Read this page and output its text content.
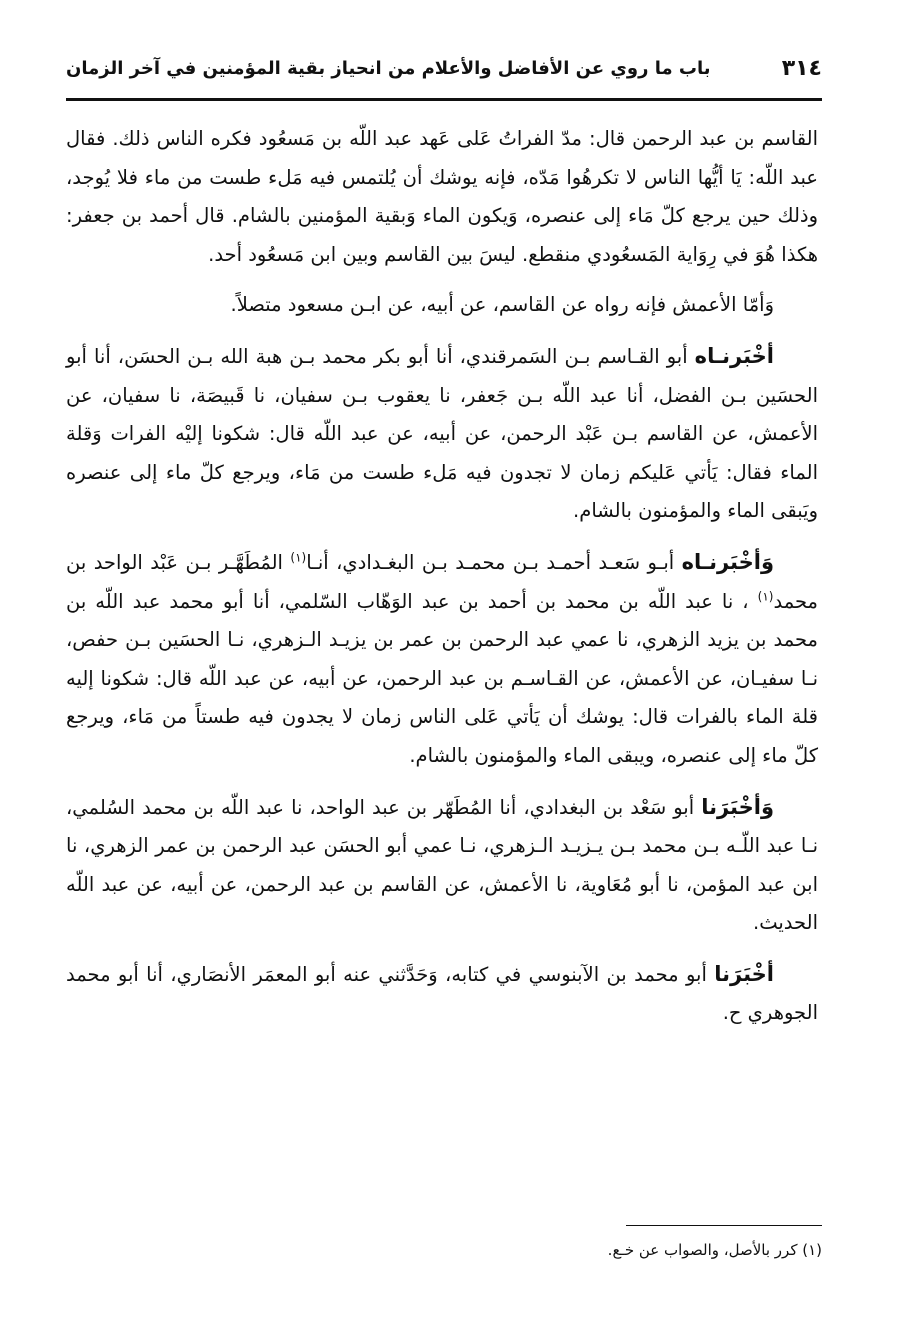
٣١٤
باب ما روي عن الأفاضل والأعلام من انحياز بقية المؤمنين في آخر الزمان

القاسم بن عبد الرحمن قال: مدّ الفراتُ عَلى عَهد عبد اللّه بن مَسعُود فكره الناس ذلك. فقال عبد اللّه: يَا أيُّها الناس لا تكرهُوا مَدّه، فإنه يوشك أن يُلتمس فيه مَلء طست من ماء فلا يُوجد، وذلك حين يرجع كلّ مَاء إلى عنصره، وَيكون الماء وَبقية المؤمنين بالشام. قال أحمد بن جعفر: هكذا هُوَ في رِوَاية المَسعُودي منقطع. ليسَ بين القاسم وبين ابن مَسعُود أحد.

وَأمّا الأعمش فإنه رواه عن القاسم، عن أبيه، عن ابـن مسعود متصلاً.

أخْبَرنـاه أبو القـاسم بـن السَمرقندي، أنا أبو بكر محمد بـن هبة الله بـن الحسَن، أنا أبو الحسَين بـن الفضل، أنا عبد اللّه بـن جَعفر، نا يعقوب بـن سفيان، نا قَبيصَة، نا سفيان، عن الأعمش، عن القاسم بـن عَبْد الرحمن، عن أبيه، عن عبد اللّه قال: شكونا إليْه الفرات وَقلة الماء فقال: يَأتي عَليكم زمان لا تجدون فيه مَلء طست من مَاء، ويرجع كلّ ماء إلى عنصره ويَبقى الماء والمؤمنون بالشام.

وَأخْبَرنـاه أبـو سَعـد أحمـد بـن محمـد بـن البغـدادي، أنـا$^{(١)}$ المُطَهَّـر بـن عَبْد الواحد بن محمد$^{(١)}$ ، نا عبد اللّه بن محمد بن أحمد بن عبد الوَهّاب السّلمي، أنا أبو محمد عبد اللّه بن محمد بن يزيد الزهري، نا عمي عبد الرحمن بن عمر بن يزيـد الـزهري، نـا الحسَين بـن حفص، نـا سفيـان، عن الأعمش، عن القـاسـم بن عبد الرحمن، عن أبيه، عن عبد اللّه قال: شكونا إليه قلة الماء بالفرات قال: يوشك أن يَأتي عَلى الناس زمان لا يجدون فيه طستاً من مَاء، ويرجع كلّ ماء إلى عنصره، ويبقى الماء والمؤمنون بالشام.

وَأخْبَرَنا أبو سَعْد بن البغدادي، أنا المُطَهّر بن عبد الواحد، نا عبد اللّه بن محمد السُلمي، نـا عبد اللّـه بـن محمد بـن يـزيـد الـزهري، نـا عمي أبو الحسَن عبد الرحمن بن عمر الزهري، نا ابن عبد المؤمن، نا أبو مُعَاوية، نا الأعمش، عن القاسم بن عبد الرحمن، عن أبيه، عن عبد اللّه الحديث.

أخْبَرَنا أبو محمد بن الآبنوسي في كتابه، وَحَدَّثني عنه أبو المعمَر الأنصَاري، أنا أبو محمد الجوهري ح.

(١) كرر بالأصل، والصواب عن خـع.
